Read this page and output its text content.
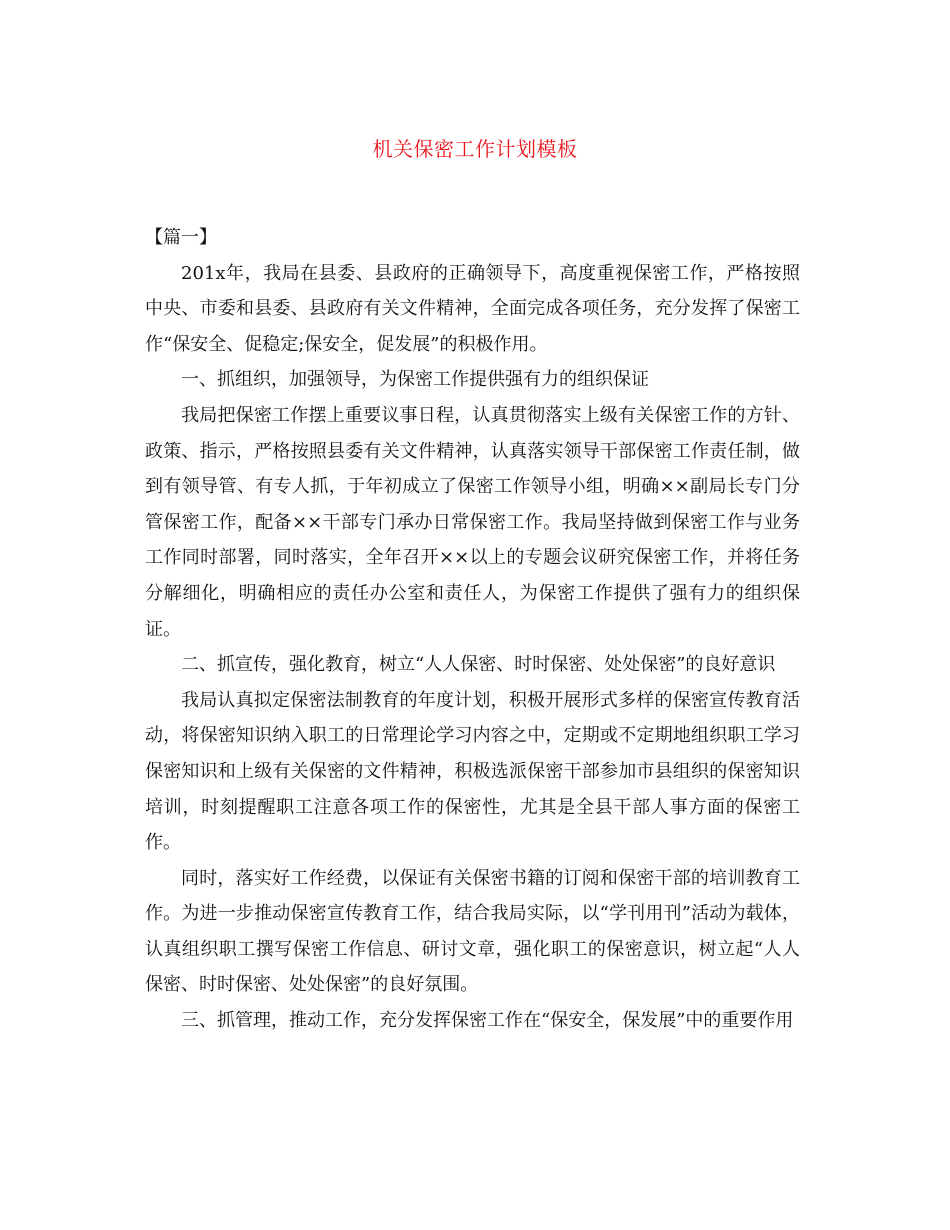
机关保密工作计划模板

【篇一】

201x年，我局在县委、县政府的正确领导下，高度重视保密工作，严格按照中央、市委和县委、县政府有关文件精神，全面完成各项任务，充分发挥了保密工作“保安全、促稳定;保安全，促发展”的积极作用。

一、抓组织，加强领导，为保密工作提供强有力的组织保证

我局把保密工作摆上重要议事日程，认真贯彻落实上级有关保密工作的方针、政策、指示，严格按照县委有关文件精神，认真落实领导干部保密工作责任制，做到有领导管、有专人抓，于年初成立了保密工作领导小组，明确××副局长专门分管保密工作，配备××干部专门承办日常保密工作。我局坚持做到保密工作与业务工作同时部署，同时落实，全年召开××以上的专题会议研究保密工作，并将任务分解细化，明确相应的责任办公室和责任人，为保密工作提供了强有力的组织保证。

二、抓宣传，强化教育，树立“人人保密、时时保密、处处保密”的良好意识

我局认真拟定保密法制教育的年度计划，积极开展形式多样的保密宣传教育活动，将保密知识纳入职工的日常理论学习内容之中，定期或不定期地组织职工学习保密知识和上级有关保密的文件精神，积极选派保密干部参加市县组织的保密知识培训，时刻提醒职工注意各项工作的保密性，尤其是全县干部人事方面的保密工作。

同时，落实好工作经费，以保证有关保密书籍的订阅和保密干部的培训教育工作。为进一步推动保密宣传教育工作，结合我局实际，以“学刊用刊”活动为载体，认真组织职工撰写保密工作信息、研讨文章，强化职工的保密意识，树立起“人人保密、时时保密、处处保密”的良好氛围。

三、抓管理，推动工作，充分发挥保密工作在“保安全，保发展”中的重要作用
